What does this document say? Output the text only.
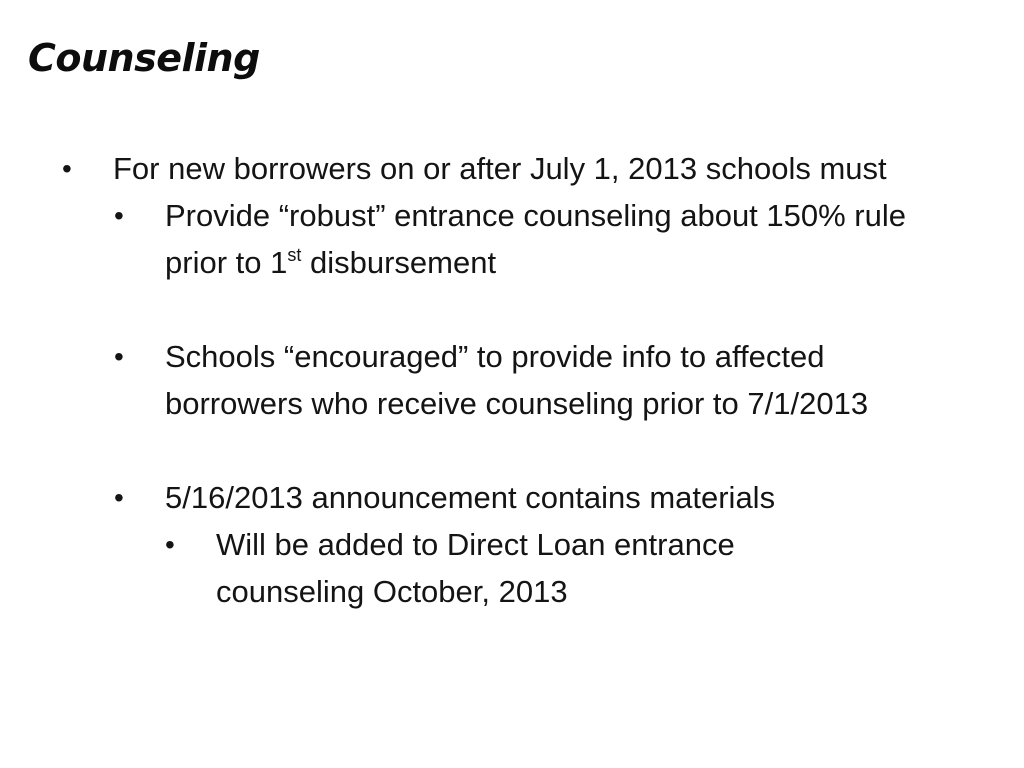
Counseling
• For new borrowers on or after July 1, 2013 schools must
• Provide “robust” entrance counseling about 150% rule prior to 1st disbursement
• Schools “encouraged” to provide info to affected borrowers who receive counseling prior to 7/1/2013
• 5/16/2013 announcement contains materials
• Will be added to Direct Loan entrance counseling October, 2013
